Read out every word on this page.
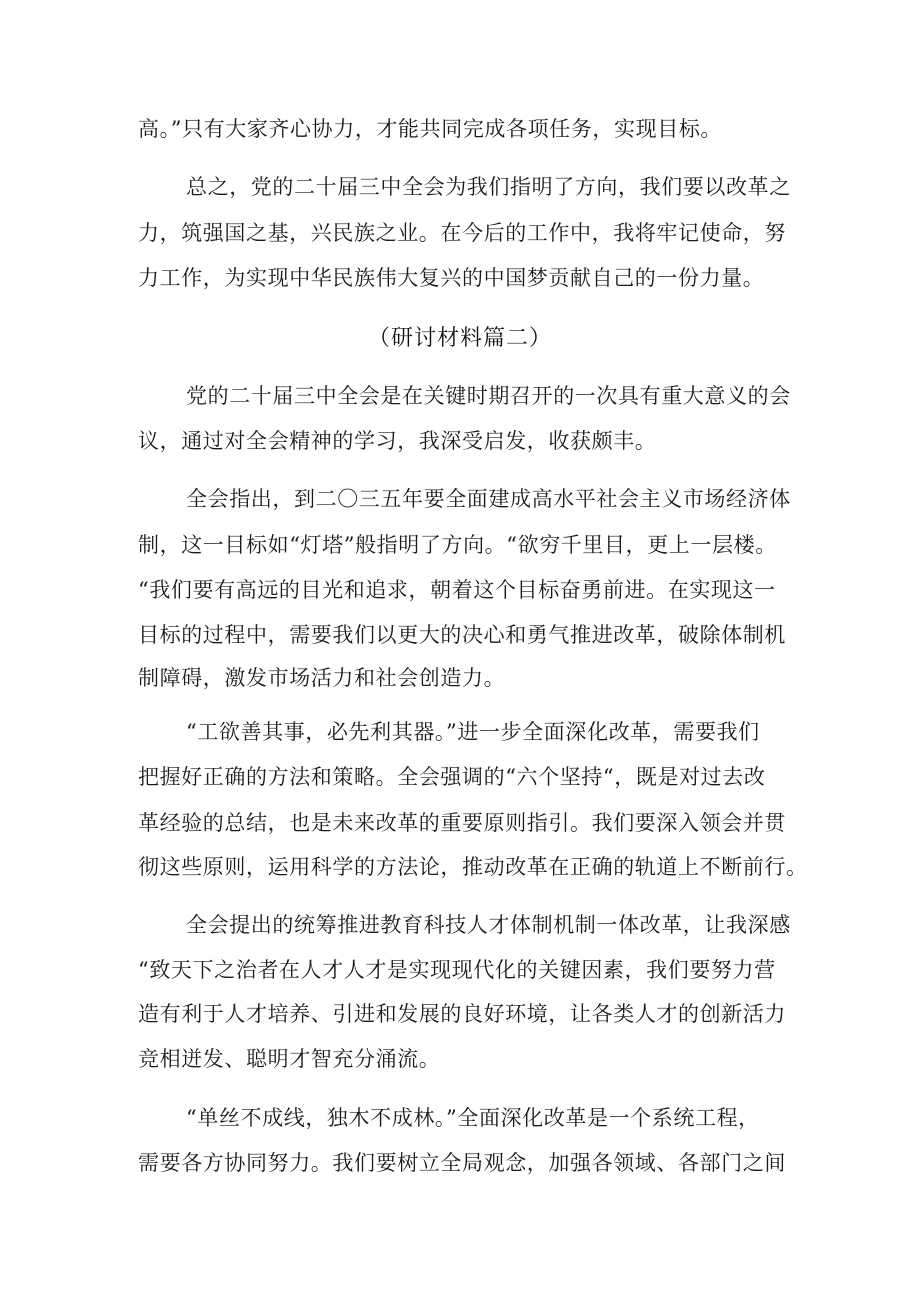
高。”只有大家齐心协力，才能共同完成各项任务，实现目标。
总之，党的二十届三中全会为我们指明了方向，我们要以改革之
力，筑强国之基，兴民族之业。在今后的工作中，我将牢记使命，努
力工作，为实现中华民族伟大复兴的中国梦贡献自己的一份力量。
（研讨材料篇二）
党的二十届三中全会是在关键时期召开的一次具有重大意义的会
议，通过对全会精神的学习，我深受启发，收获颇丰。
全会指出，到二〇三五年要全面建成高水平社会主义市场经济体
制，这一目标如“灯塔”般指明了方向。“欲穷千里目，更上一层楼。
“我们要有高远的目光和追求，朝着这个目标奋勇前进。在实现这一
目标的过程中，需要我们以更大的决心和勇气推进改革，破除体制机
制障碍，激发市场活力和社会创造力。
“工欲善其事，必先利其器。”进一步全面深化改革，需要我们
把握好正确的方法和策略。全会强调的“六个坚持“，既是对过去改
革经验的总结，也是未来改革的重要原则指引。我们要深入领会并贯
彻这些原则，运用科学的方法论，推动改革在正确的轨道上不断前行。
全会提出的统筹推进教育科技人才体制机制一体改革，让我深感
“致天下之治者在人才人才是实现现代化的关键因素，我们要努力营
造有利于人才培养、引进和发展的良好环境，让各类人才的创新活力
竞相迸发、聪明才智充分涌流。
“单丝不成线，独木不成林。”全面深化改革是一个系统工程，
需要各方协同努力。我们要树立全局观念，加强各领域、各部门之间
